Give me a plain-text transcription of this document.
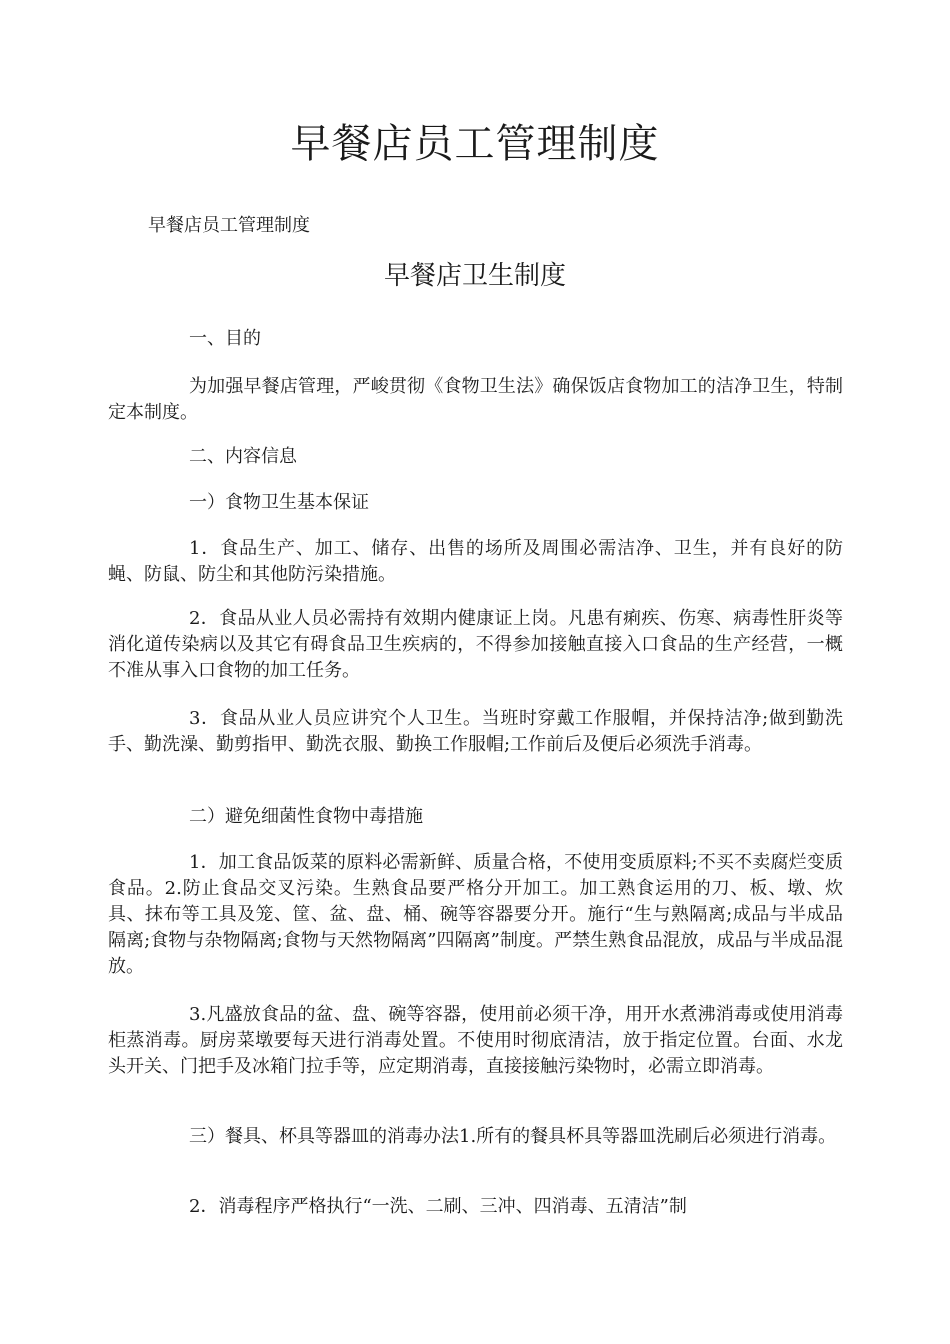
早餐店员工管理制度

早餐店员工管理制度

早餐店卫生制度

一、目的

为加强早餐店管理，严峻贯彻《食物卫生法》确保饭店食物加工的洁净卫生，特制定本制度。

二、内容信息

一）食物卫生基本保证

1．食品生产、加工、储存、出售的场所及周围必需洁净、卫生，并有良好的防蝇、防鼠、防尘和其他防污染措施。

2．食品从业人员必需持有效期内健康证上岗。凡患有痢疾、伤寒、病毒性肝炎等消化道传染病以及其它有碍食品卫生疾病的，不得参加接触直接入口食品的生产经营，一概不准从事入口食物的加工任务。

3．食品从业人员应讲究个人卫生。当班时穿戴工作服帽，并保持洁净;做到勤洗手、勤洗澡、勤剪指甲、勤洗衣服、勤换工作服帽;工作前后及便后必须洗手消毒。

二）避免细菌性食物中毒措施

1．加工食品饭菜的原料必需新鲜、质量合格，不使用变质原料;不买不卖腐烂变质食品。2.防止食品交叉污染。生熟食品要严格分开加工。加工熟食运用的刀、板、墩、炊具、抹布等工具及笼、筐、盆、盘、桶、碗等容器要分开。施行“生与熟隔离;成品与半成品隔离;食物与杂物隔离;食物与天然物隔离”四隔离”制度。严禁生熟食品混放，成品与半成品混放。

3.凡盛放食品的盆、盘、碗等容器，使用前必须干净，用开水煮沸消毒或使用消毒柜蒸消毒。厨房菜墩要每天进行消毒处置。不使用时彻底清洁，放于指定位置。台面、水龙头开关、门把手及冰箱门拉手等，应定期消毒，直接接触污染物时，必需立即消毒。

三）餐具、杯具等器皿的消毒办法1.所有的餐具杯具等器皿洗刷后必须进行消毒。

2．消毒程序严格执行“一洗、二刷、三冲、四消毒、五清洁”制
